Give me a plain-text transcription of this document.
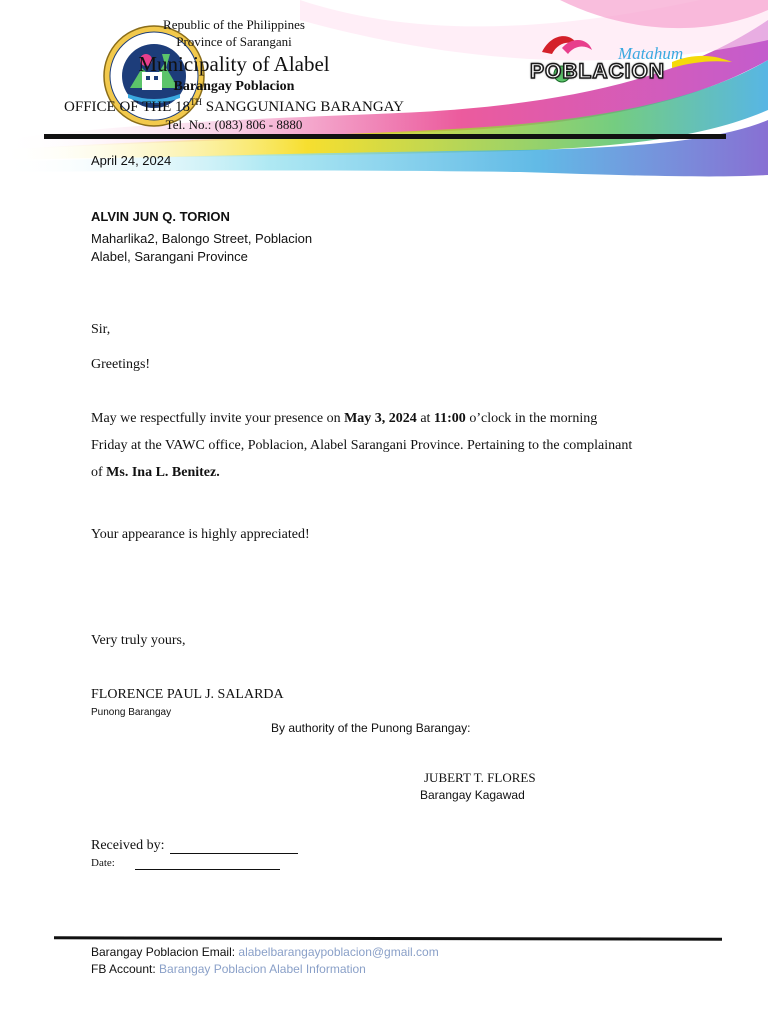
Matahum
POBLACION
Republic of the Philippines
Province of Sarangani
Municipality of Alabel
Barangay Poblacion
OFFICE OF THE 18TH SANGGUNIANG BARANGAY
Tel. No.: (083) 806 - 8880
April 24, 2024
ALVIN JUN Q. TORION
Maharlika2, Balongo Street, Poblacion
Alabel, Sarangani Province
Sir,
Greetings!
May we respectfully invite your presence on May 3, 2024 at 11:00 o’clock in the morning
Friday at the VAWC office, Poblacion, Alabel Sarangani Province. Pertaining to the complainant
of Ms. Ina L. Benitez.
Your appearance is highly appreciated!
Very truly yours,
FLORENCE PAUL J. SALARDA
Punong Barangay
By authority of the Punong Barangay:
JUBERT T. FLORES
Barangay Kagawad
Received by:
Date:
Barangay Poblacion Email: alabelbarangaypoblacion@gmail.com
FB Account: Barangay Poblacion Alabel Information
